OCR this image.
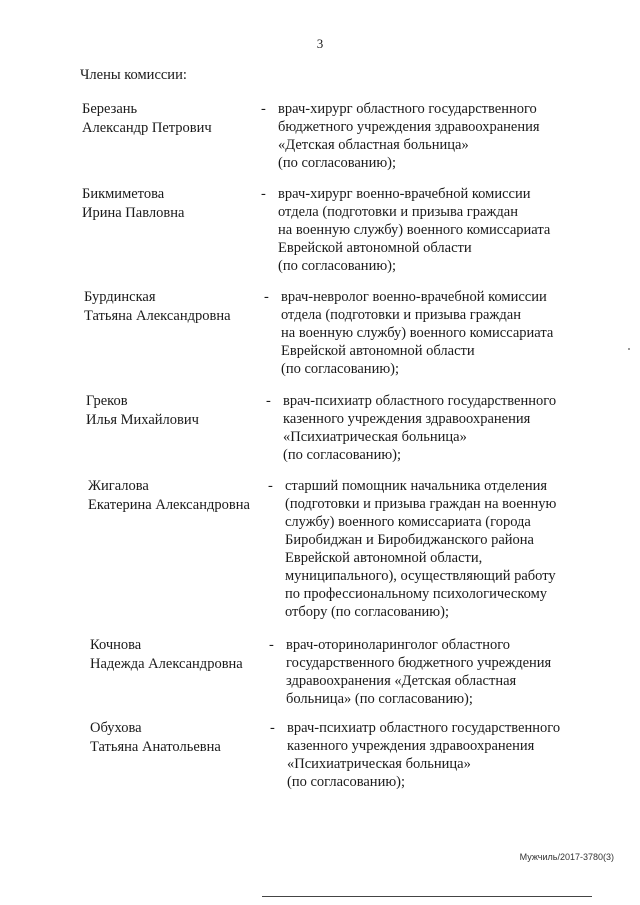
3
Члены комиссии:
Березань
Александр Петрович
- врач-хирург областного государственного
бюджетного учреждения здравоохранения
«Детская областная больница»
(по согласованию);
Бикмиметова
Ирина Павловна
- врач-хирург военно-врачебной комиссии
отдела (подготовки и призыва граждан
на военную службу) военного комиссариата
Еврейской автономной области
(по согласованию);
Бурдинская
Татьяна Александровна
- врач-невролог военно-врачебной комиссии
отдела (подготовки и призыва граждан
на военную службу) военного комиссариата
Еврейской автономной области
(по согласованию);
Греков
Илья Михайлович
- врач-психиатр областного государственного
казенного учреждения здравоохранения
«Психиатрическая больница»
(по согласованию);
Жигалова
Екатерина Александровна
- старший помощник начальника отделения
(подготовки и призыва граждан на военную
службу) военного комиссариата (города
Биробиджан и Биробиджанского района
Еврейской автономной области,
муниципального), осуществляющий работу
по профессиональному психологическому
отбору (по согласованию);
Кочнова
Надежда Александровна
- врач-оториноларинголог областного
государственного бюджетного учреждения
здравоохранения «Детская областная
больница» (по согласованию);
Обухова
Татьяна Анатольевна
- врач-психиатр областного государственного
казенного учреждения здравоохранения
«Психиатрическая больница»
(по согласованию);
Мужчиль/2017-3780(3)
